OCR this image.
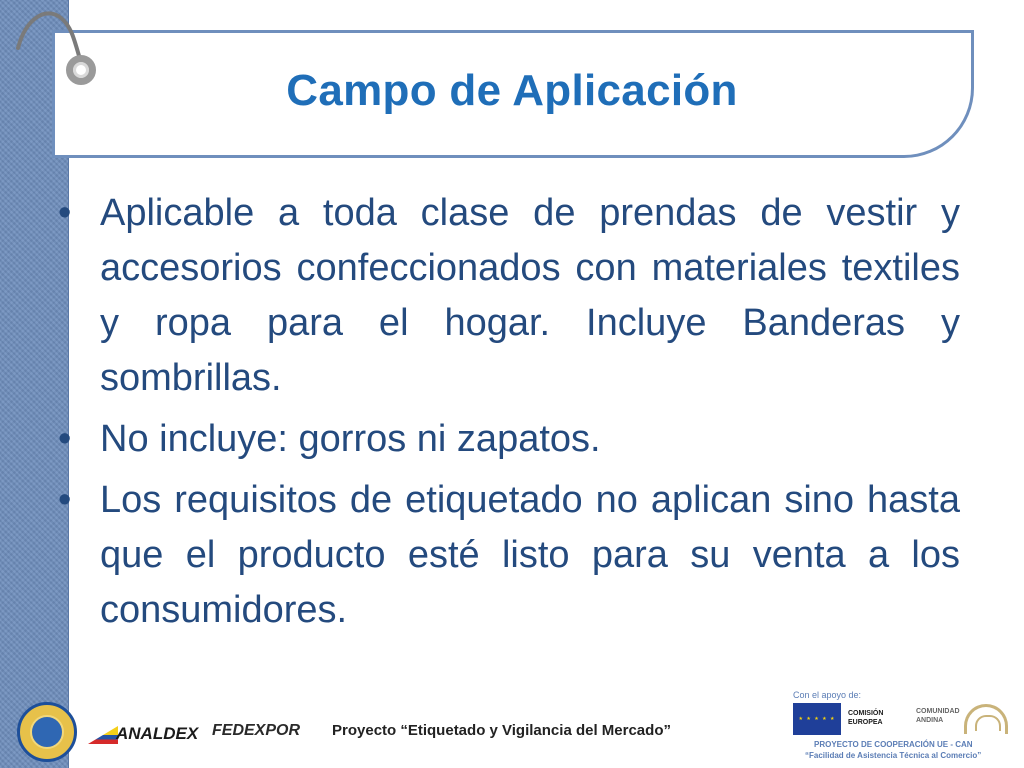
Campo de Aplicación
• Aplicable a toda clase de prendas de vestir y accesorios confeccionados con materiales textiles y ropa para el hogar. Incluye Banderas y sombrillas.
• No incluye: gorros ni zapatos.
• Los requisitos de etiquetado no aplican sino hasta que el producto esté listo para su venta a los consumidores.
ANALDEX FEDEXPOR Proyecto “Etiquetado y Vigilancia del Mercado”
Con el apoyo de:
★ ★ ★ ★ ★
COMISIÓN
EUROPEA
COMUNIDAD
ANDINA
PROYECTO DE COOPERACIÓN UE - CAN
“Facilidad de Asistencia Técnica al Comercio”
